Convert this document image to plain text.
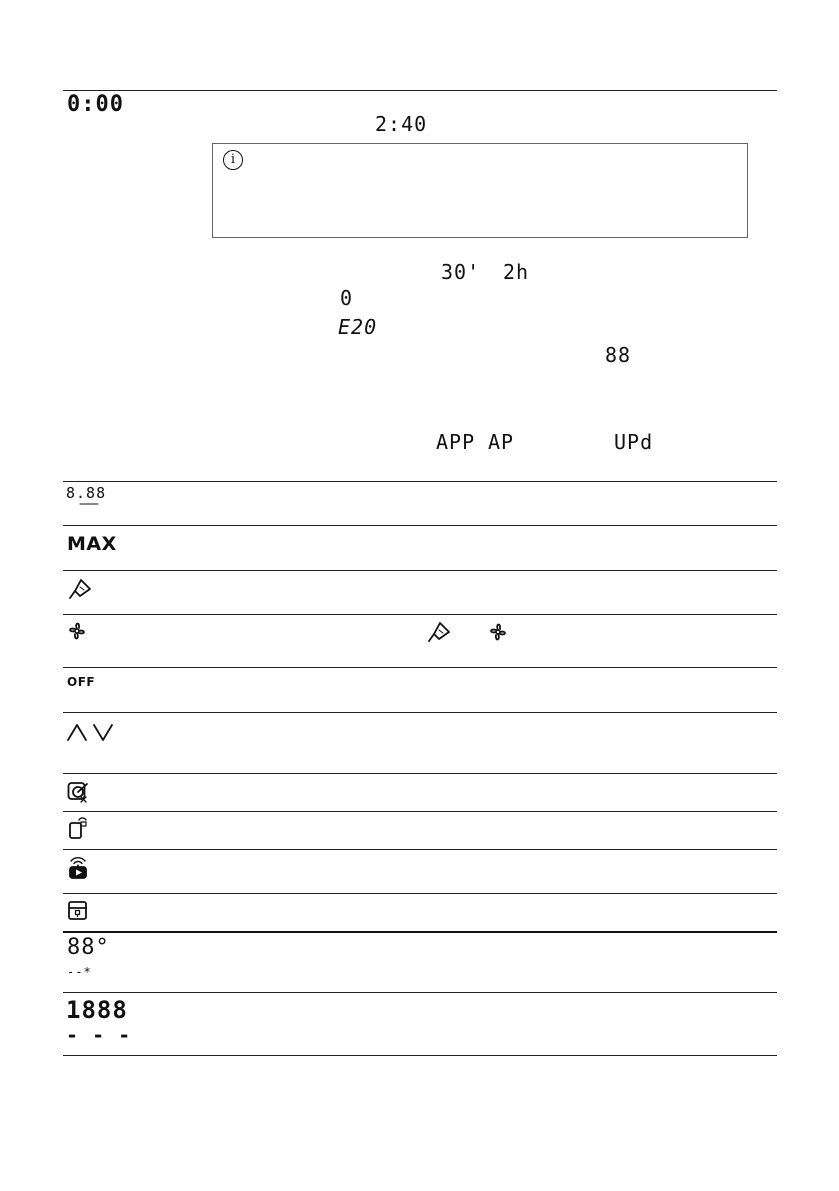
0:00
2:40
i
30' 2h
0
E20
88
APP AP	UPd
8.88
MAX
OFF
88°
--*
1888
- - -
